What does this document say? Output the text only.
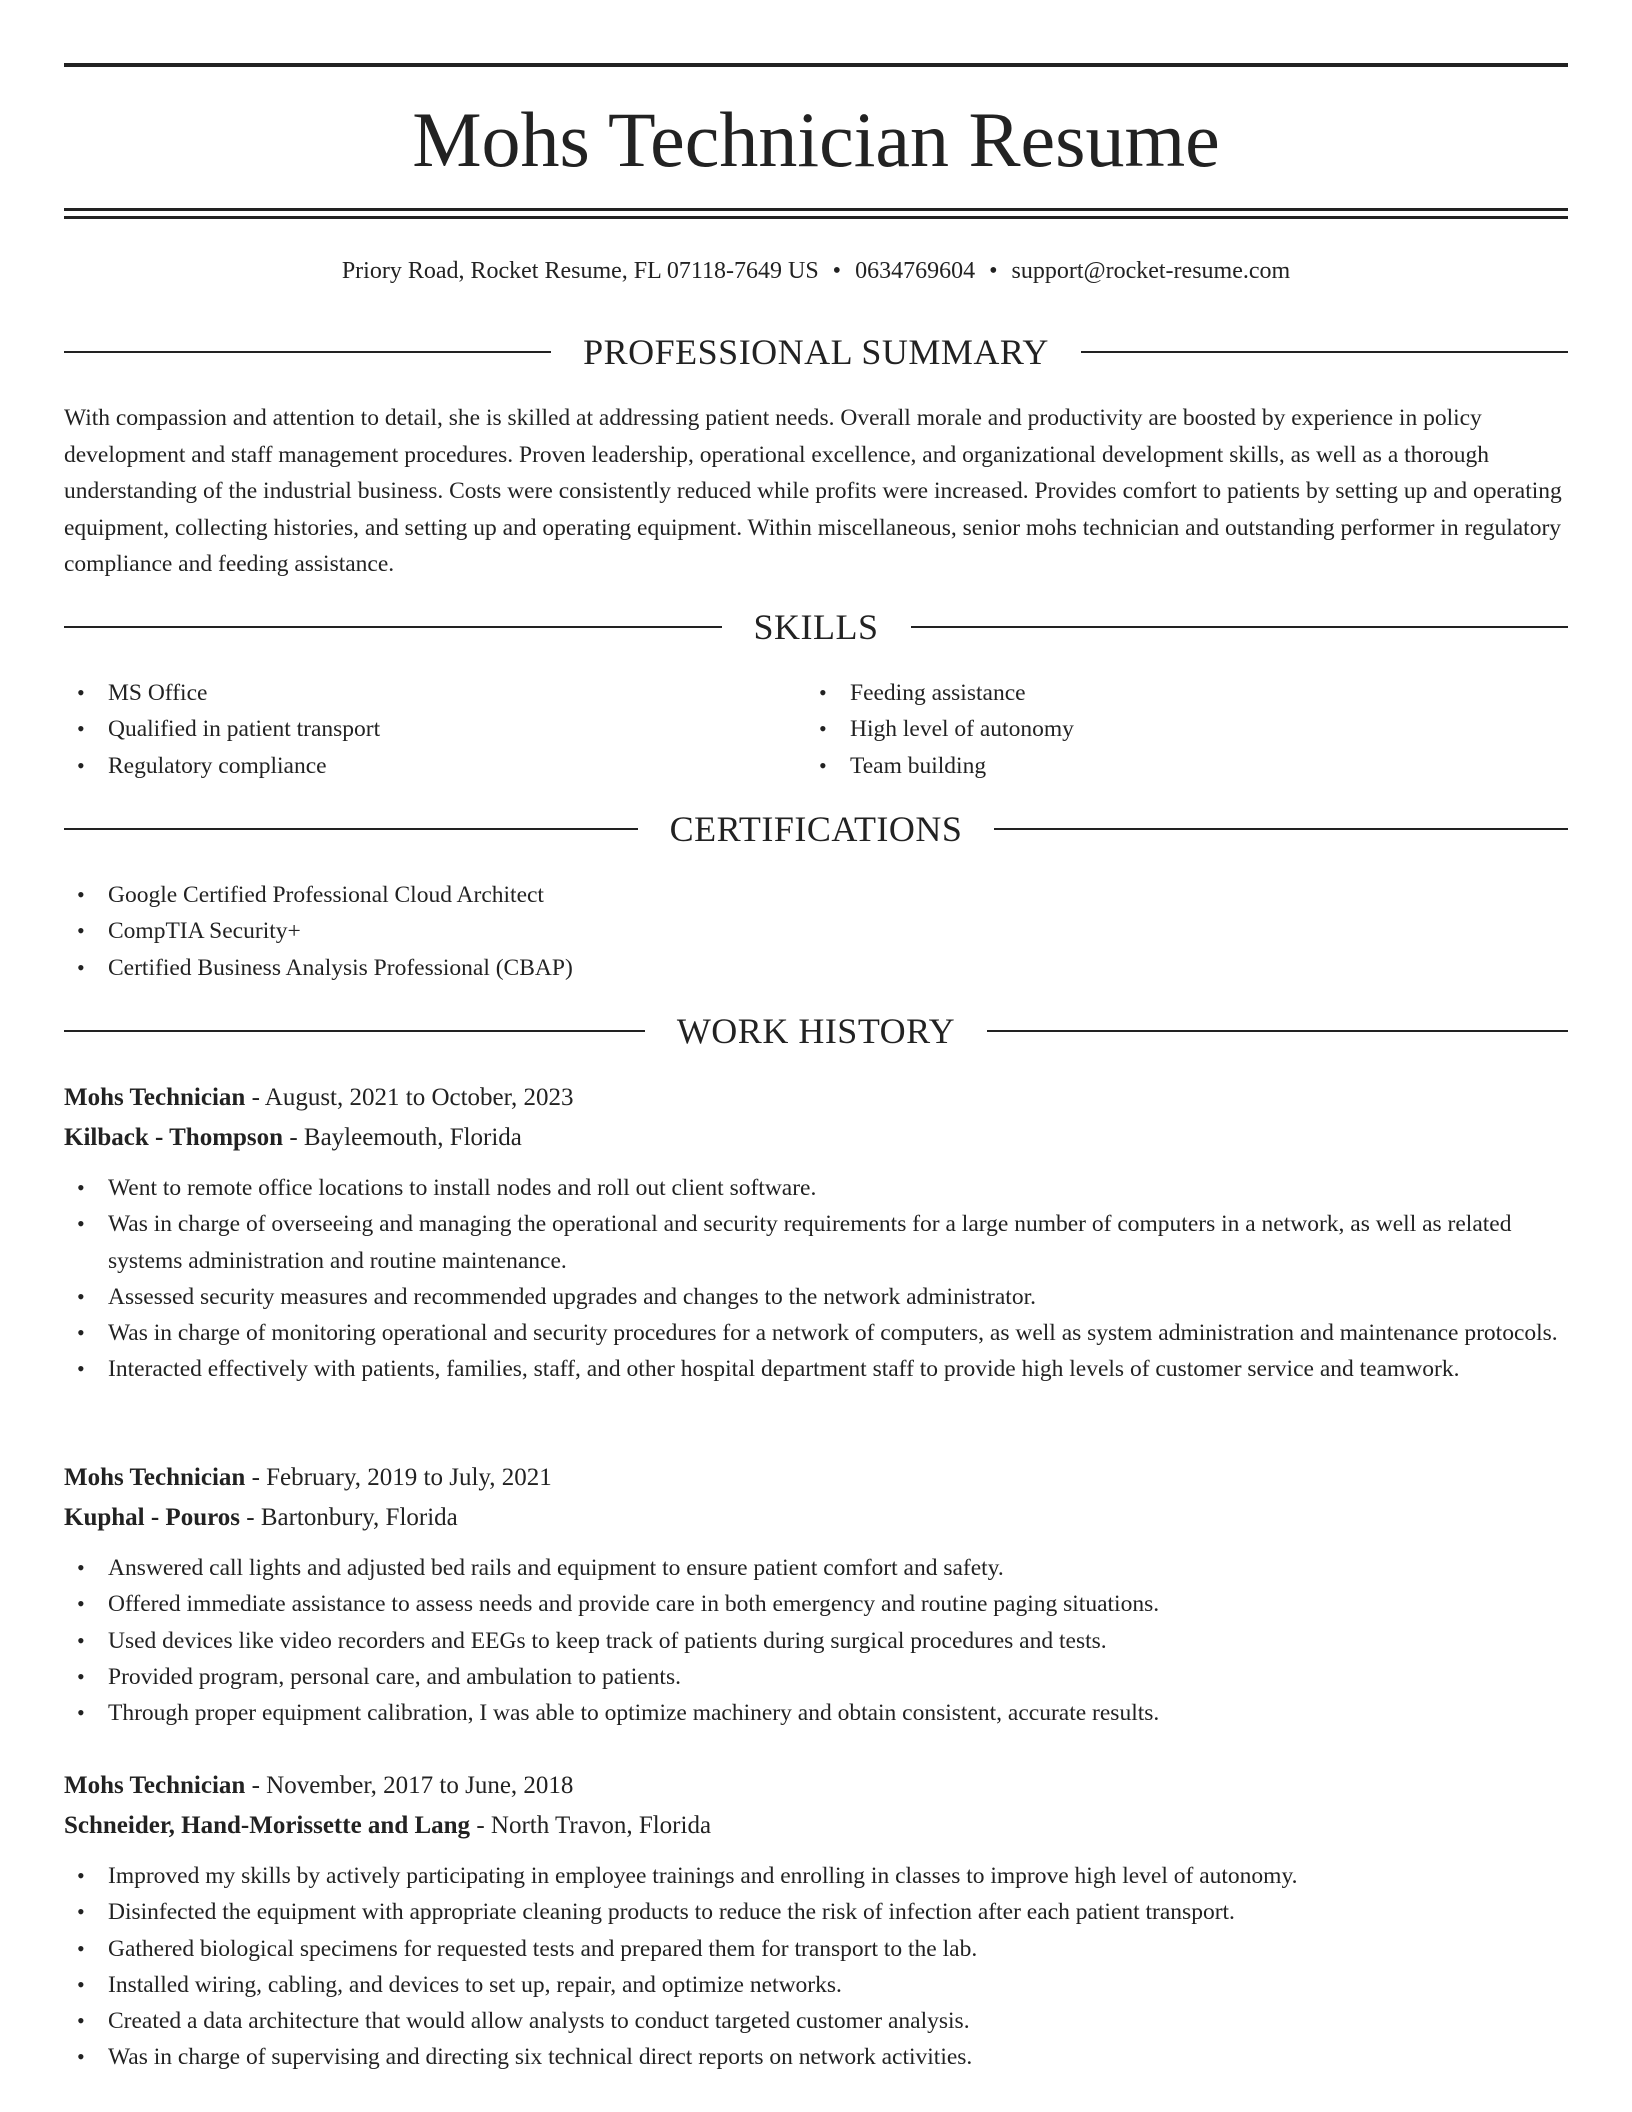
Mohs Technician Resume
Priory Road, Rocket Resume, FL 07118-7649 US • 0634769604 • support@rocket-resume.com
PROFESSIONAL SUMMARY

With compassion and attention to detail, she is skilled at addressing patient needs. Overall morale and productivity are boosted by experience in policy development and staff management procedures. Proven leadership, operational excellence, and organizational development skills, as well as a thorough understanding of the industrial business. Costs were consistently reduced while profits were increased. Provides comfort to patients by setting up and operating equipment, collecting histories, and setting up and operating equipment. Within miscellaneous, senior mohs technician and outstanding performer in regulatory compliance and feeding assistance.

SKILLS
• MS Office
• Qualified in patient transport
• Regulatory compliance
• Feeding assistance
• High level of autonomy
• Team building
CERTIFICATIONS
• Google Certified Professional Cloud Architect
• CompTIA Security+
• Certified Business Analysis Professional (CBAP)
WORK HISTORY
Mohs Technician - August, 2021 to October, 2023
Kilback - Thompson - Bayleemouth, Florida
• Went to remote office locations to install nodes and roll out client software.
• Was in charge of overseeing and managing the operational and security requirements for a large number of computers in a network, as well as related systems administration and routine maintenance.
• Assessed security measures and recommended upgrades and changes to the network administrator.
• Was in charge of monitoring operational and security procedures for a network of computers, as well as system administration and maintenance protocols.
• Interacted effectively with patients, families, staff, and other hospital department staff to provide high levels of customer service and teamwork.
Mohs Technician - February, 2019 to July, 2021
Kuphal - Pouros - Bartonbury, Florida
• Answered call lights and adjusted bed rails and equipment to ensure patient comfort and safety.
• Offered immediate assistance to assess needs and provide care in both emergency and routine paging situations.
• Used devices like video recorders and EEGs to keep track of patients during surgical procedures and tests.
• Provided program, personal care, and ambulation to patients.
• Through proper equipment calibration, I was able to optimize machinery and obtain consistent, accurate results.
Mohs Technician - November, 2017 to June, 2018
Schneider, Hand-Morissette and Lang - North Travon, Florida
• Improved my skills by actively participating in employee trainings and enrolling in classes to improve high level of autonomy.
• Disinfected the equipment with appropriate cleaning products to reduce the risk of infection after each patient transport.
• Gathered biological specimens for requested tests and prepared them for transport to the lab.
• Installed wiring, cabling, and devices to set up, repair, and optimize networks.
• Created a data architecture that would allow analysts to conduct targeted customer analysis.
• Was in charge of supervising and directing six technical direct reports on network activities.
